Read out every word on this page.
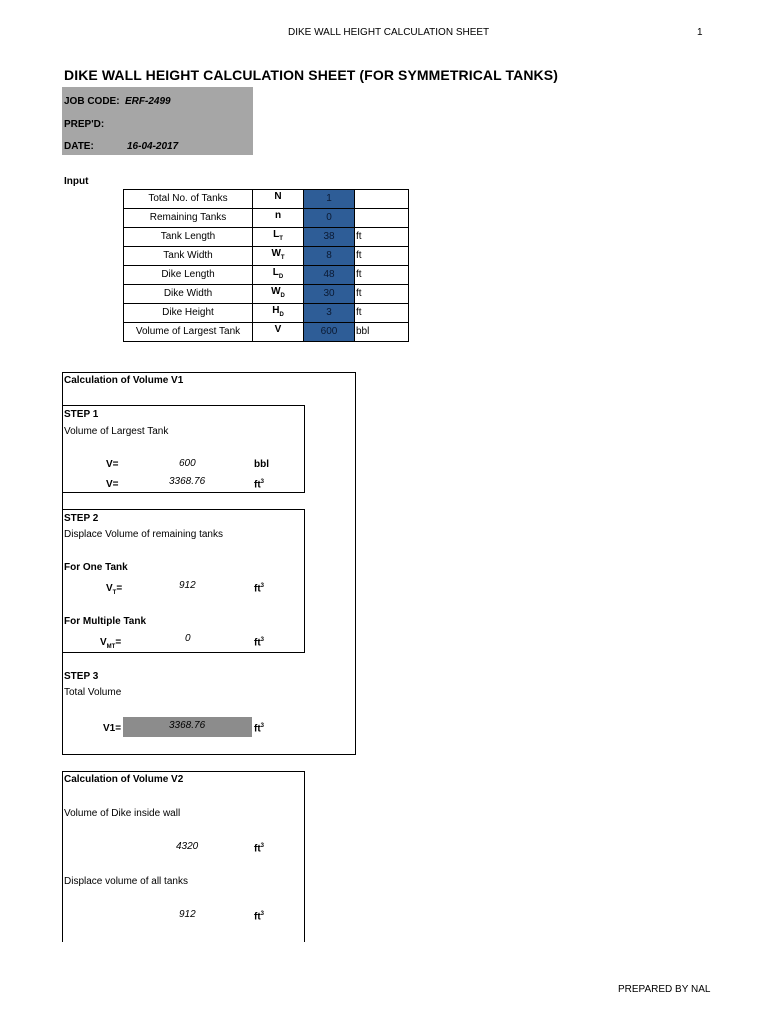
DIKE WALL HEIGHT CALCULATION SHEET	1
DIKE WALL HEIGHT CALCULATION SHEET (FOR SYMMETRICAL TANKS)
JOB CODE: ERF-2499
PREP'D:
DATE:	16-04-2017
Input
Total No. of Tanks	N	1	
Remaining Tanks	n	0	
Tank Length	$L_T$	38	ft
Tank Width	$W_T$	8	ft
Dike Length	$L_D$	48	ft
Dike Width	$W_D$	30	ft
Dike Height	$H_D$	3	ft
Volume of Largest Tank	V	600	bbl
Calculation of Volume V1
STEP 1
Volume of Largest Tank
V=	600	bbl
V=	3368.76	$ft^3$
STEP 2
Displace Volume of remaining tanks
For One Tank
$V_T=$	912	$ft^3$
For Multiple Tank
$V_{MT}=$	0	$ft^3$
STEP 3
Total Volume
V1=	3368.76	$ft^3$
Calculation of Volume V2
Volume of Dike inside wall
4320	$ft^3$
Displace volume of all tanks
912	$ft^3$
PREPARED BY NAL
